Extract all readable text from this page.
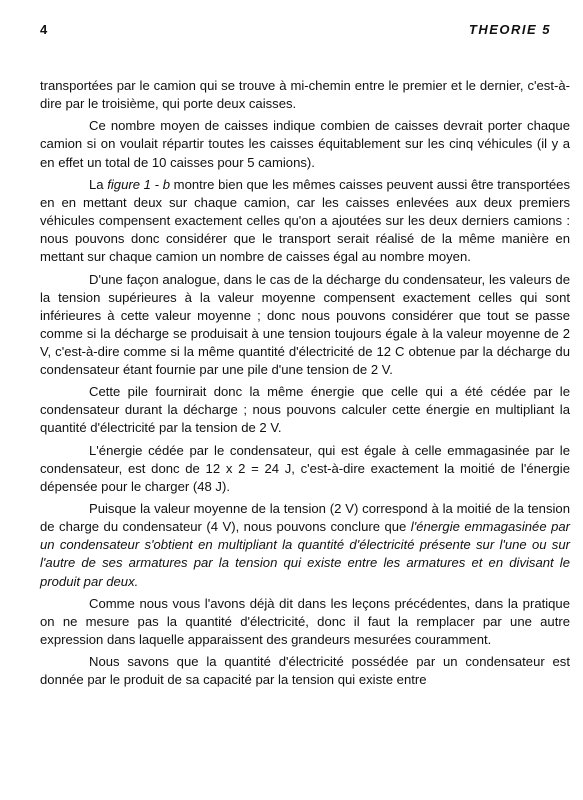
4	THEORIE 5

transportées par le camion qui se trouve à mi-chemin entre le premier et le dernier, c'est-à-dire par le troisième, qui porte deux caisses.

Ce nombre moyen de caisses indique combien de caisses devrait porter chaque camion si on voulait répartir toutes les caisses équitablement sur les cinq véhicules (il y a en effet un total de 10 caisses pour 5 camions).

La figure 1 - b montre bien que les mêmes caisses peuvent aussi être transportées en en mettant deux sur chaque camion, car les caisses enlevées aux deux premiers véhicules compensent exactement celles qu'on a ajoutées sur les deux derniers camions : nous pouvons donc considérer que le transport serait réalisé de la même manière en mettant sur chaque camion un nombre de caisses égal au nombre moyen.

D'une façon analogue, dans le cas de la décharge du condensateur, les valeurs de la tension supérieures à la valeur moyenne compensent exactement celles qui sont inférieures à cette valeur moyenne ; donc nous pouvons considérer que tout se passe comme si la décharge se produisait à une tension toujours égale à la valeur moyenne de 2 V, c'est-à-dire comme si la même quantité d'électricité de 12 C obtenue par la décharge du condensateur étant fournie par une pile d'une tension de 2 V.

Cette pile fournirait donc la même énergie que celle qui a été cédée par le condensateur durant la décharge ; nous pouvons calculer cette énergie en multipliant la quantité d'électricité par la tension de 2 V.

L'énergie cédée par le condensateur, qui est égale à celle emmagasinée par le condensateur, est donc de 12 x 2 = 24 J, c'est-à-dire exactement la moitié de l'énergie dépensée pour le charger (48 J).

Puisque la valeur moyenne de la tension (2 V) correspond à la moitié de la tension de charge du condensateur (4 V), nous pouvons conclure que l'énergie emmagasinée par un condensateur s'obtient en multipliant la quantité d'électricité présente sur l'une ou sur l'autre de ses armatures par la tension qui existe entre les armatures et en divisant le produit par deux.

Comme nous vous l'avons déjà dit dans les leçons précédentes, dans la pratique on ne mesure pas la quantité d'électricité, donc il faut la remplacer par une autre expression dans laquelle apparaissent des grandeurs mesurées couramment.

Nous savons que la quantité d'électricité possédée par un condensateur est donnée par le produit de sa capacité par la tension qui existe entre
